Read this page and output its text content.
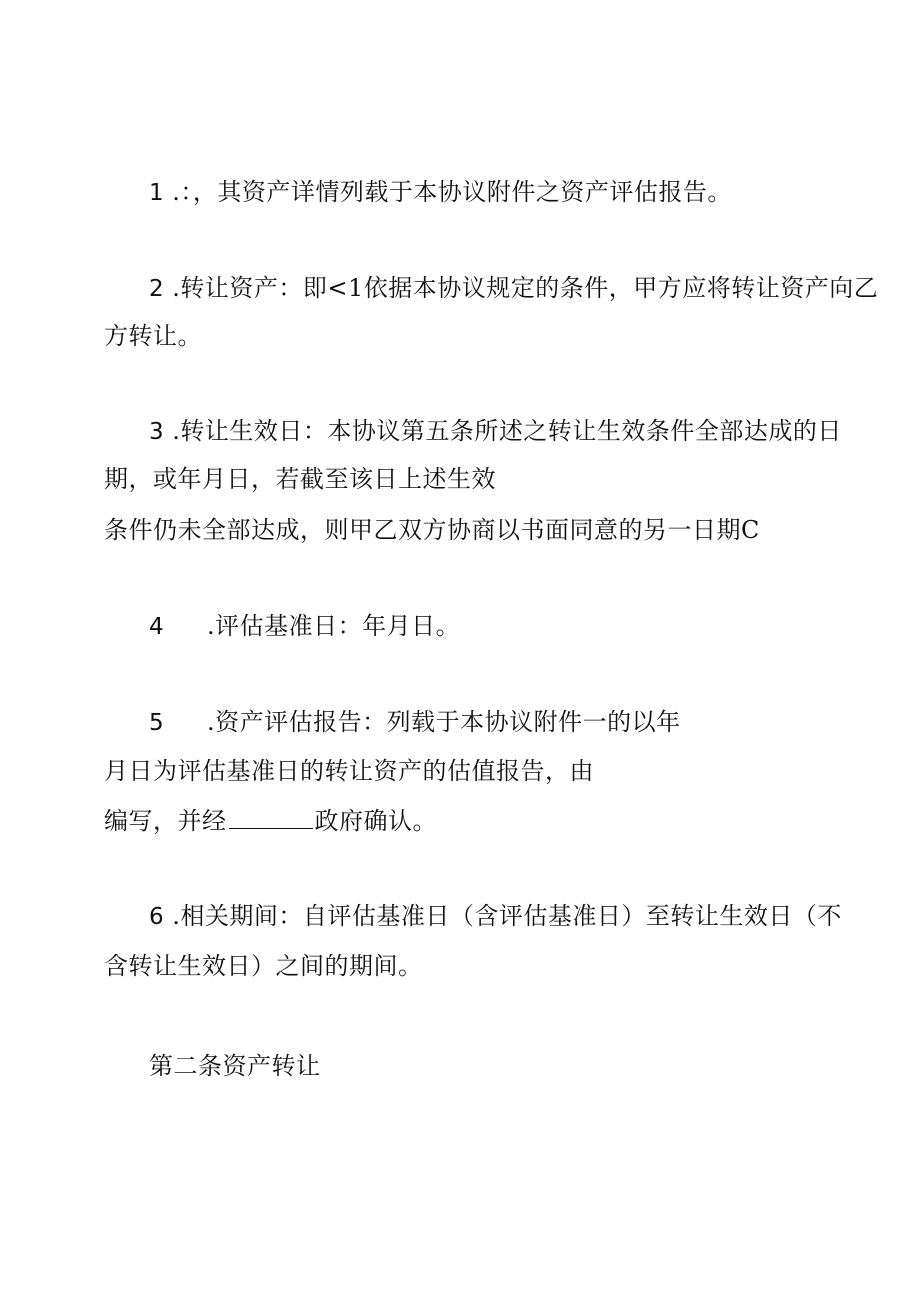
1 .：，其资产详情列载于本协议附件之资产评估报告。
2 .转让资产：即<1依据本协议规定的条件，甲方应将转让资产向乙
方转让。
3 .转让生效日：本协议第五条所述之转让生效条件全部达成的日
期，或年月日，若截至该日上述生效
条件仍未全部达成，则甲乙双方协商以书面同意的另一日期C
4 .评估基准日：年月日。
5 .资产评估报告：列载于本协议附件一的以年
月日为评估基准日的转让资产的估值报告，由
编写，并经	政府确认。
6 .相关期间：自评估基准日（含评估基准日）至转让生效日（不
含转让生效日）之间的期间。
第二条资产转让
